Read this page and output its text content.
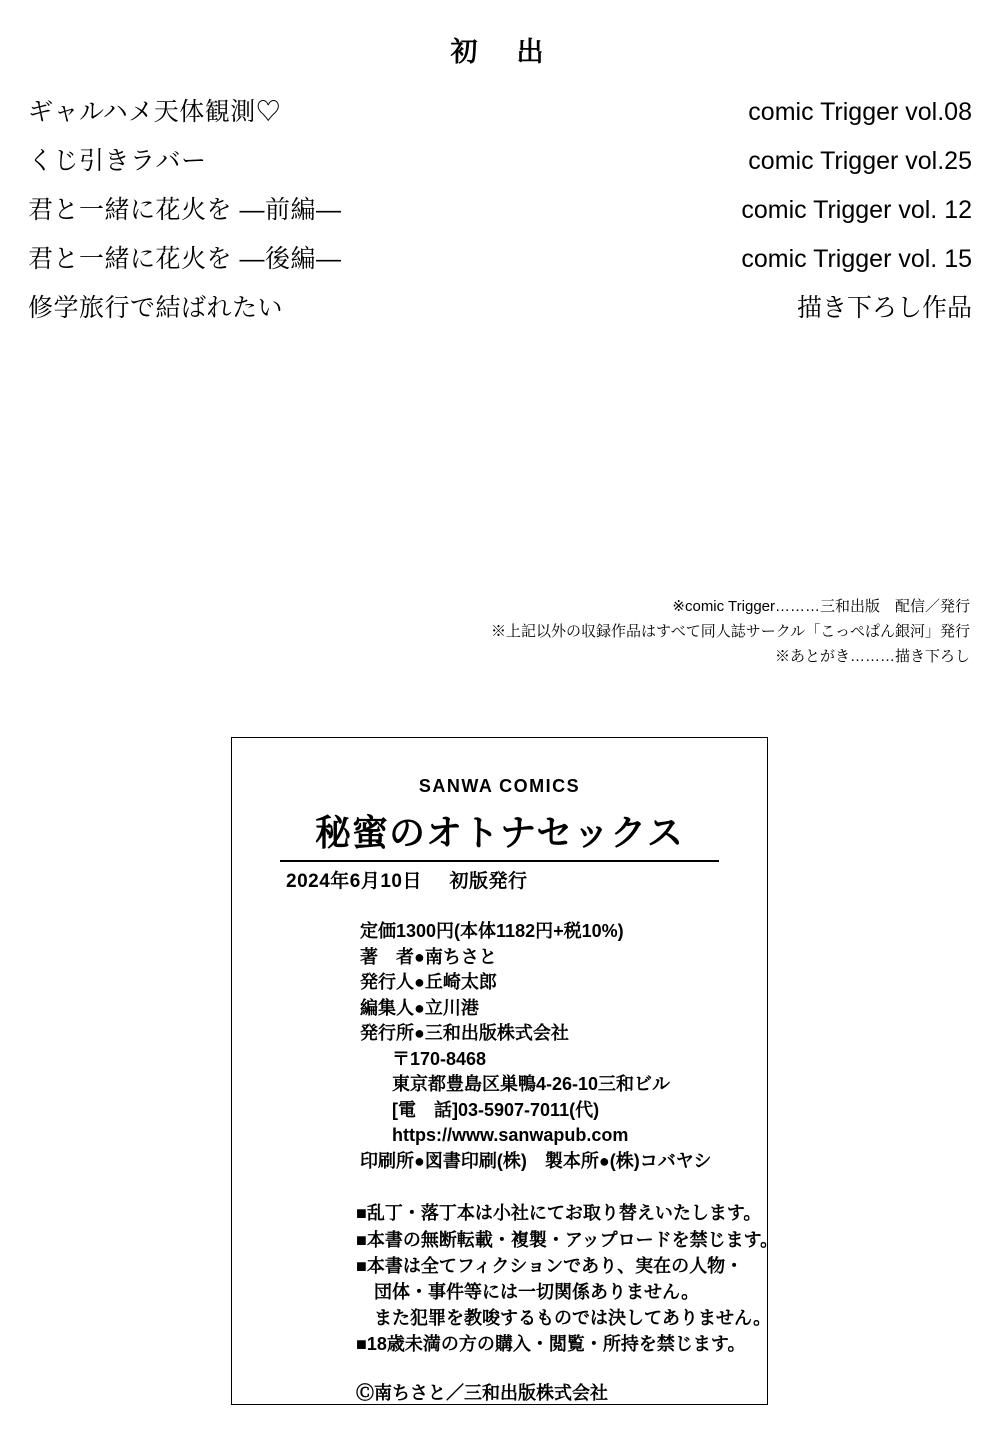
初　出
ギャルハメ天体観測♡	comic Trigger vol.08
くじ引きラバー	comic Trigger vol.25
君と一緒に花火を ―前編―	comic Trigger vol. 12
君と一緒に花火を ―後編―	comic Trigger vol. 15
修学旅行で結ばれたい	描き下ろし作品
※comic Trigger………三和出版　配信／発行
※上記以外の収録作品はすべて同人誌サークル「こっぺぱん銀河」発行
※あとがき………描き下ろし
SANWA COMICS
秘蜜のオトナセックス
2024年6月10日 初版発行
定価1300円(本体1182円+税10%)
著　者●南ちさと
発行人●丘崎太郎
編集人●立川港
発行所●三和出版株式会社
〒170-8468
東京都豊島区巣鴨4-26-10三和ビル
[電　話]03-5907-7011(代)
https://www.sanwapub.com
印刷所●図書印刷(株)　製本所●(株)コバヤシ
■乱丁・落丁本は小社にてお取り替えいたします。
■本書の無断転載・複製・アップロードを禁じます。
■本書は全てフィクションであり、実在の人物・
団体・事件等には一切関係ありません。
また犯罪を教唆するものでは決してありません。
■18歳未満の方の購入・閲覧・所持を禁じます。
Ⓒ南ちさと／三和出版株式会社
